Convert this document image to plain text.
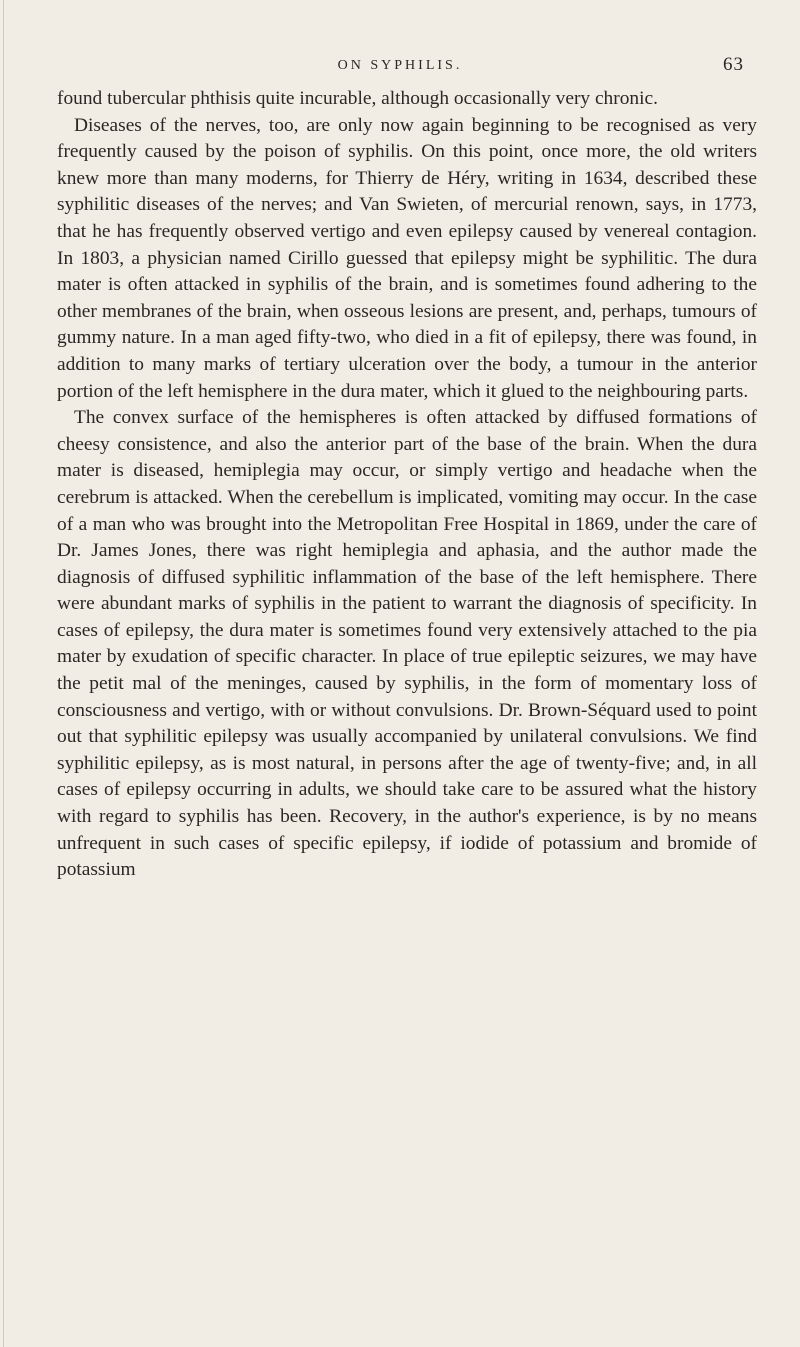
ON SYPHILIS.	63

found tubercular phthisis quite incurable, although occasionally very chronic.

Diseases of the nerves, too, are only now again beginning to be recognised as very frequently caused by the poison of syphilis. On this point, once more, the old writers knew more than many moderns, for Thierry de Héry, writing in 1634, described these syphilitic diseases of the nerves; and Van Swieten, of mercurial renown, says, in 1773, that he has frequently observed vertigo and even epilepsy caused by venereal contagion. In 1803, a physician named Cirillo guessed that epilepsy might be syphilitic. The dura mater is often attacked in syphilis of the brain, and is sometimes found adhering to the other membranes of the brain, when osseous lesions are present, and, perhaps, tumours of gummy nature. In a man aged fifty-two, who died in a fit of epilepsy, there was found, in addition to many marks of tertiary ulceration over the body, a tumour in the anterior portion of the left hemisphere in the dura mater, which it glued to the neighbouring parts.

The convex surface of the hemispheres is often attacked by diffused formations of cheesy consistence, and also the anterior part of the base of the brain. When the dura mater is diseased, hemiplegia may occur, or simply vertigo and headache when the cerebrum is attacked. When the cerebellum is implicated, vomiting may occur. In the case of a man who was brought into the Metropolitan Free Hospital in 1869, under the care of Dr. James Jones, there was right hemiplegia and aphasia, and the author made the diagnosis of diffused syphilitic inflammation of the base of the left hemisphere. There were abundant marks of syphilis in the patient to warrant the diagnosis of specificity. In cases of epilepsy, the dura mater is sometimes found very extensively attached to the pia mater by exudation of specific character. In place of true epileptic seizures, we may have the petit mal of the meninges, caused by syphilis, in the form of momentary loss of consciousness and vertigo, with or without convulsions. Dr. Brown-Séquard used to point out that syphilitic epilepsy was usually accompanied by unilateral convulsions. We find syphilitic epilepsy, as is most natural, in persons after the age of twenty-five; and, in all cases of epilepsy occurring in adults, we should take care to be assured what the history with regard to syphilis has been. Recovery, in the author's experience, is by no means unfrequent in such cases of specific epilepsy, if iodide of potassium and bromide of potassium
